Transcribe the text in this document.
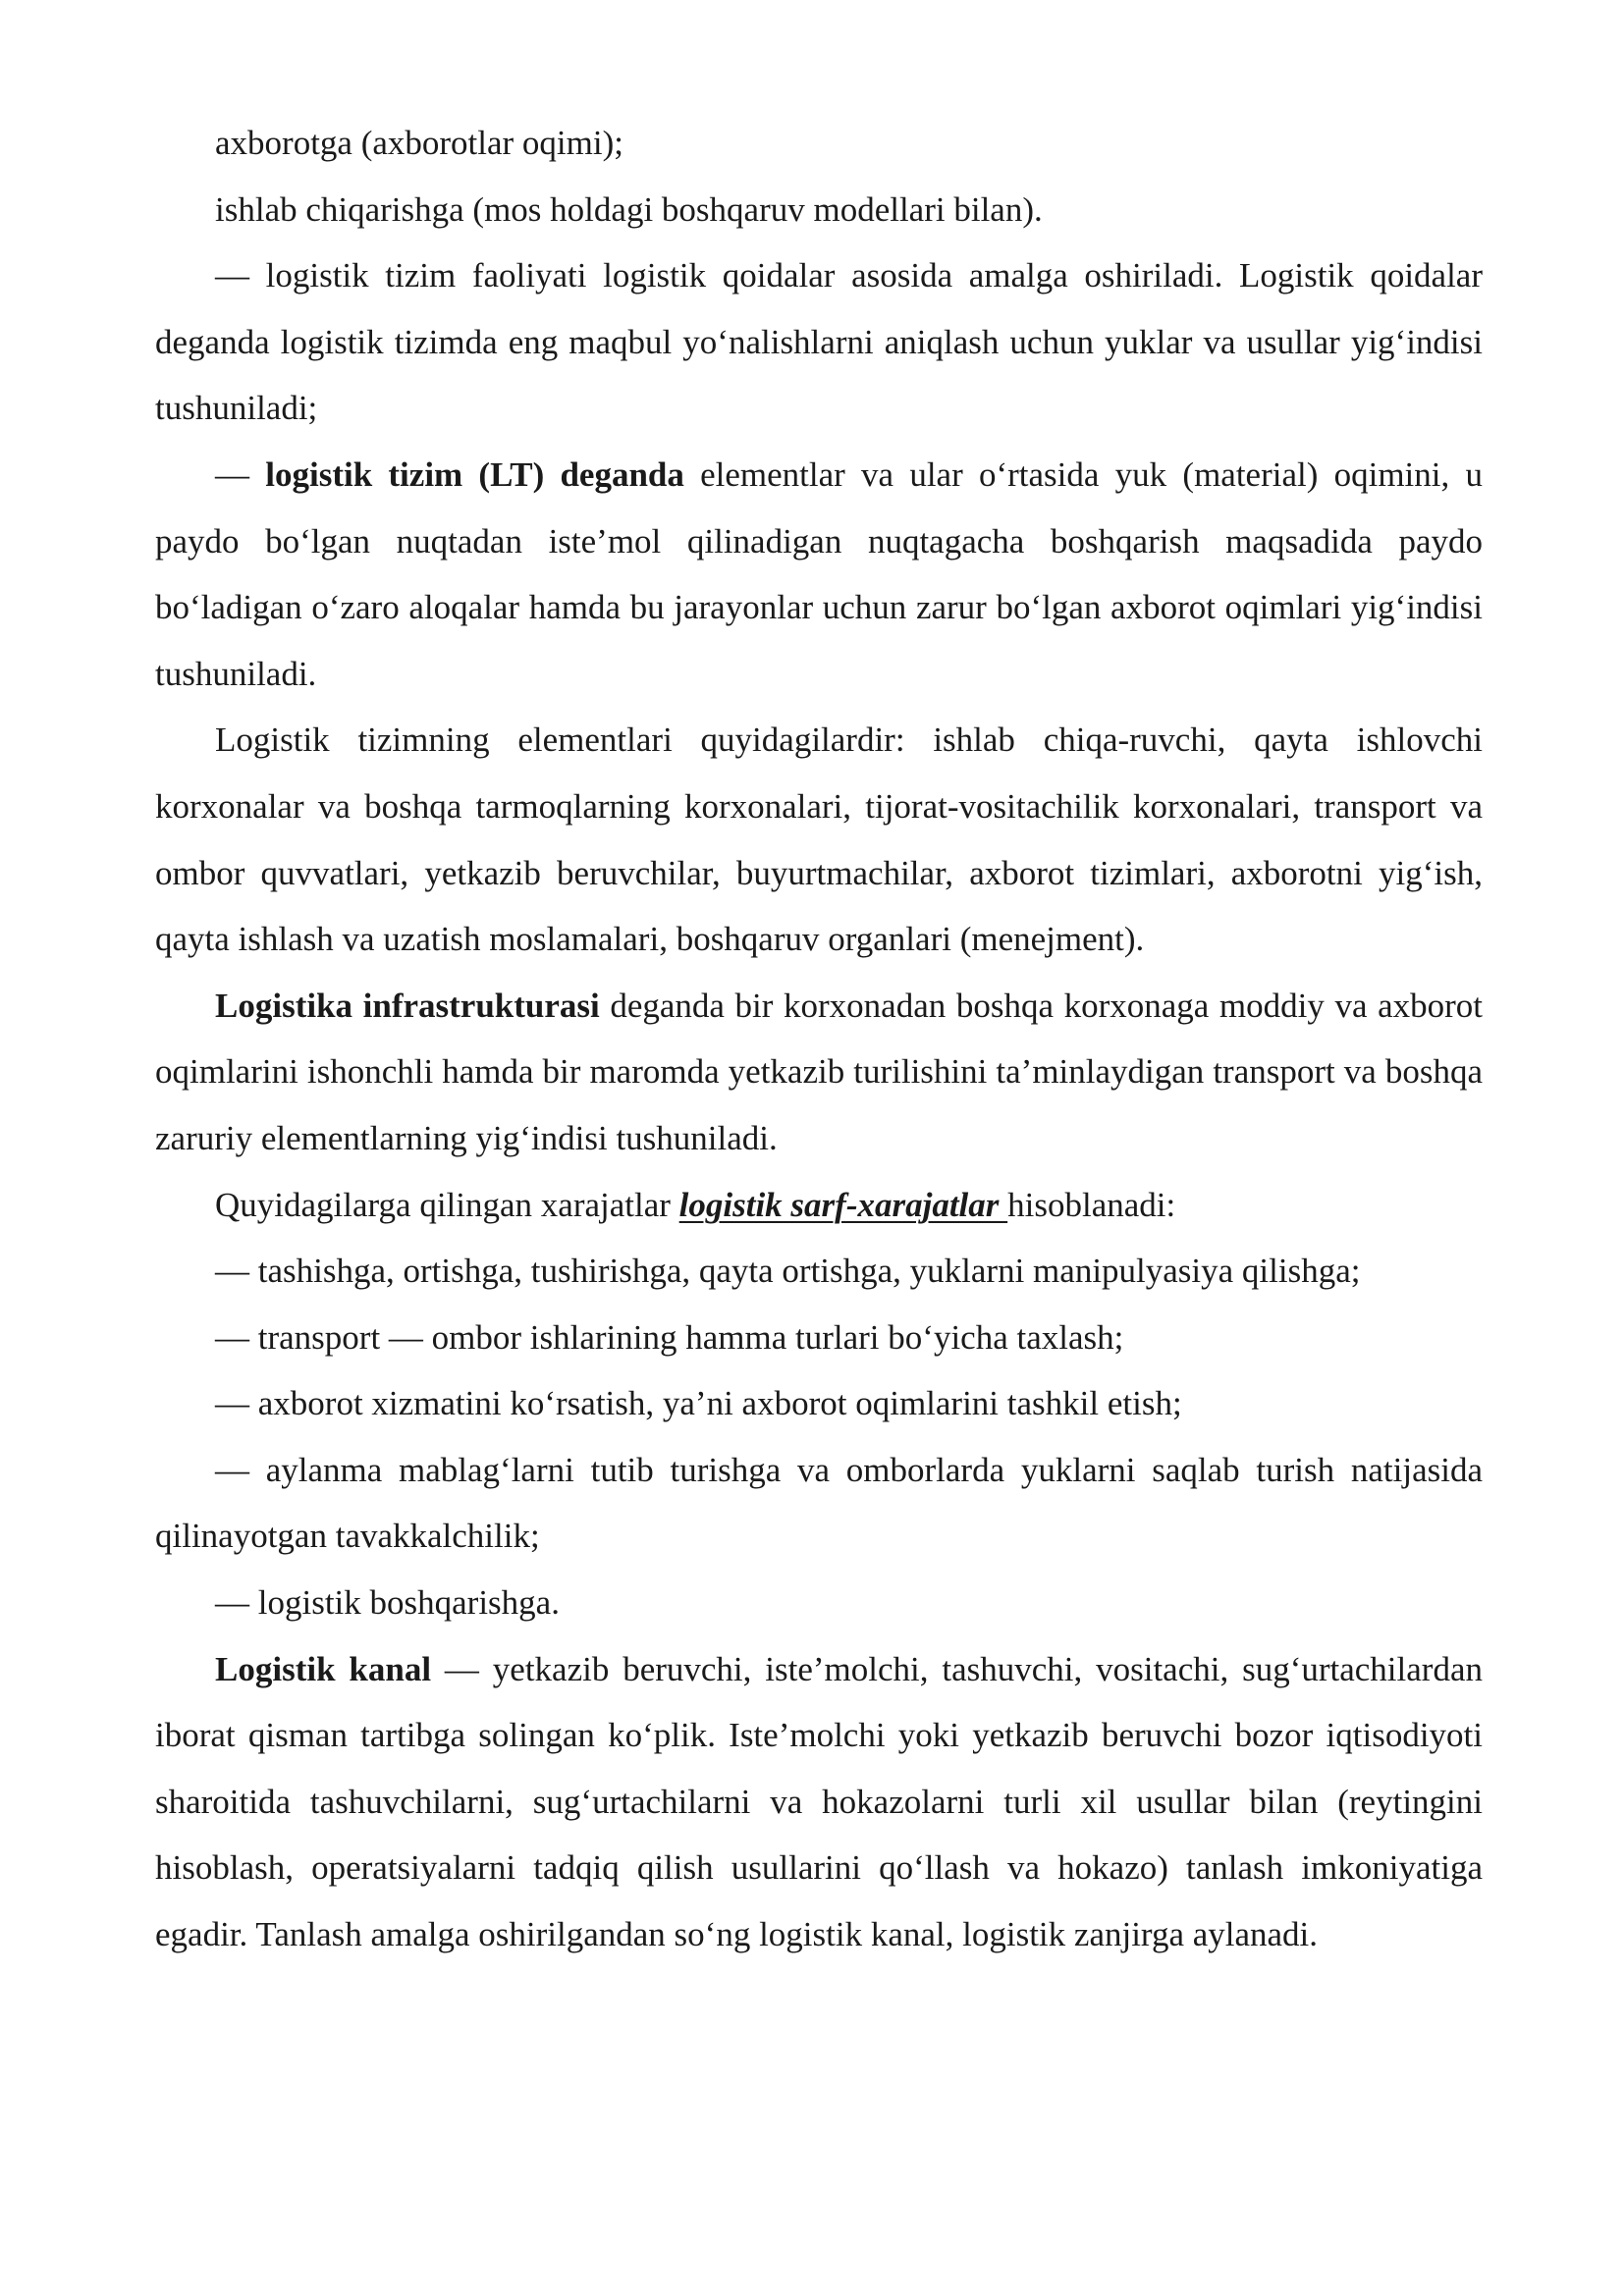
axborotga (axborotlar oqimi);

ishlab chiqarishga (mos holdagi boshqaruv modellari bilan).

— logistik tizim faoliyati logistik qoidalar asosida amalga oshiriladi. Logistik qoidalar deganda logistik tizimda eng maqbul yo‘nalishlarni aniqlash uchun yuklar va usullar yig‘indisi tushuniladi;

— logistik tizim (LT) deganda elementlar va ular o‘rtasida yuk (material) oqimini, u paydo bo‘lgan nuqtadan iste’mol qilinadigan nuqtagacha boshqarish maqsadida paydo bo‘ladigan o‘zaro aloqalar hamda bu jarayonlar uchun zarur bo‘lgan axborot oqimlari yig‘indisi tushuniladi.

Logistik tizimning elementlari quyidagilardir: ishlab chiqa-ruvchi, qayta ishlovchi korxonalar va boshqa tarmoqlarning korxonalari, tijorat-vositachilik korxonalari, transport va ombor quvvatlari, yetkazib beruvchilar, buyurtmachilar, axborot tizimlari, axborotni yig‘ish, qayta ishlash va uzatish moslamalari, boshqaruv organlari (menejment).

Logistika infrastrukturasi deganda bir korxonadan boshqa korxonaga moddiy va axborot oqimlarini ishonchli hamda bir maromda yetkazib turilishini ta’minlaydigan transport va boshqa zaruriy elementlarning yig‘indisi tushuniladi.

Quyidagilarga qilingan xarajatlar logistik sarf-xarajatlar hisoblanadi:

— tashishga, ortishga, tushirishga, qayta ortishga, yuklarni manipulyasiya qilishga;

— transport — ombor ishlarining hamma turlari bo‘yicha taxlash;

— axborot xizmatini ko‘rsatish, ya’ni axborot oqimlarini tashkil etish;

— aylanma mablag‘larni tutib turishga va omborlarda yuklarni saqlab turish natijasida qilinayotgan tavakkalchilik;

— logistik boshqarishga.

Logistik kanal — yetkazib beruvchi, iste’molchi, tashuvchi, vositachi, sug‘urtachilardan iborat qisman tartibga solingan ko‘plik. Iste’molchi yoki yetkazib beruvchi bozor iqtisodiyoti sharoitida tashuvchilarni, sug‘urtachilarni va hokazolarni turli xil usullar bilan (reytingini hisoblash, operatsiyalarni tadqiq qilish usullarini qo‘llash va hokazo) tanlash imkoniyatiga egadir. Tanlash amalga oshirilgandan so‘ng logistik kanal, logistik zanjirga aylanadi.
